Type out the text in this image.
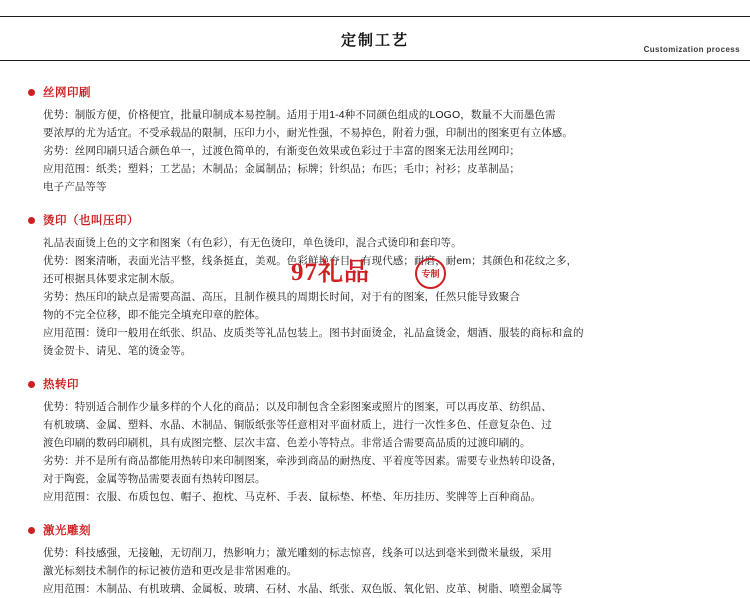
定制工艺
Customization process
丝网印刷

优势：制版方便，价格便宜，批量印制成本易控制。适用于用1-4种不同颜色组成的LOGO，数量不大而墨色需

要浓厚的尤为适宜。不受承载品的限制，压印力小，耐光性强，不易掉色，附着力强，印制出的图案更有立体感。

劣势：丝网印刷只适合颜色单一，过渡色简单的，有渐变色效果或色彩过于丰富的图案无法用丝网印；

应用范围：纸类；塑料；工艺品；木制品；金属制品；标牌；针织品；布匹；毛巾；衬衫；皮革制品；

电子产品等等

烫印（也叫压印）

礼品表面烫上色的文字和图案（有色彩），有无色烫印，单色烫印，混合式烫印和套印等。

优势：图案清晰，表面光洁平整，线条挺直，美观。色彩鲜艳夺目，有现代感；耐磨，耐em；其颜色和花纹之多，

还可根据具体要求定制木版。

劣势：热压印的缺点是需要高温、高压，且制作模具的周期长时间，对于有的图案，任然只能导致聚合

物的不完全位移，即不能完全填充印章的腔体。

应用范围：烫印一般用在纸张、织品、皮质类等礼品包装上。图书封面烫金，礼品盒烫金，烟酒、服装的商标和盒的

烫金贺卡、请见、笔的烫金等。

热转印

优势：特别适合制作少量多样的个人化的商品；以及印制包含全彩图案或照片的图案，可以再皮革、纺织品、

有机玻璃、金属、塑料、水晶、木制品、铜版纸张等任意相对平面材质上，进行一次性多色、任意复杂色、过

渡色印刷的数码印刷机，具有成图完整、层次丰富、色差小等特点。非常适合需要高品质的过渡印刷的。

劣势：并不是所有商品都能用热转印来印制图案，牵涉到商品的耐热度、平着度等因素。需要专业热转印设备，

对于陶瓷，金属等物品需要表面有热转印图层。

应用范围：衣服、布质包包、帽子、抱枕、马克杯、手表、鼠标垫、杯垫、年历挂历、奖牌等上百种商品。

激光雕刻

优势：科技感强，无接触，无切削刀，热影响力；激光雕刻的标志惊喜，线条可以达到毫米到微米量级，采用

激光标刻技术制作的标记被仿造和更改是非常困难的。

应用范围：木制品、有机玻璃、金属板、玻璃、石材、水晶、纸张、双色版、氧化铝、皮革、树脂、喷塑金属等

97礼品	专制
